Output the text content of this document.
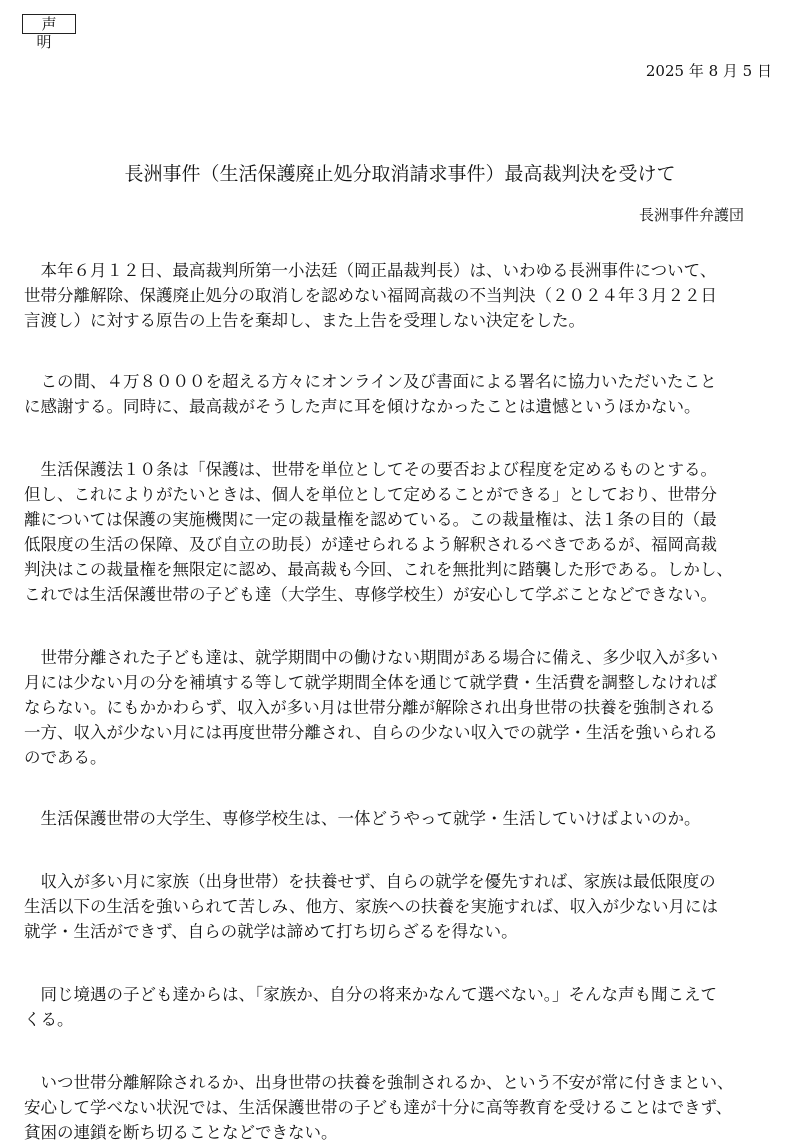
声明
2025 年 8 月 5 日
長洲事件（生活保護廃止処分取消請求事件）最高裁判決を受けて
長洲事件弁護団

　本年６月１２日、最高裁判所第一小法廷（岡正晶裁判長）は、いわゆる長洲事件について、
世帯分離解除、保護廃止処分の取消しを認めない福岡高裁の不当判決（２０２４年３月２２日
言渡し）に対する原告の上告を棄却し、また上告を受理しない決定をした。

　この間、４万８０００を超える方々にオンライン及び書面による署名に協力いただいたこと
に感謝する。同時に、最高裁がそうした声に耳を傾けなかったことは遺憾というほかない。

　生活保護法１０条は「保護は、世帯を単位としてその要否および程度を定めるものとする。
但し、これによりがたいときは、個人を単位として定めることができる」としており、世帯分
離については保護の実施機関に一定の裁量権を認めている。この裁量権は、法１条の目的（最
低限度の生活の保障、及び自立の助長）が達せられるよう解釈されるべきであるが、福岡高裁
判決はこの裁量権を無限定に認め、最高裁も今回、これを無批判に踏襲した形である。しかし、
これでは生活保護世帯の子ども達（大学生、専修学校生）が安心して学ぶことなどできない。

　世帯分離された子ども達は、就学期間中の働けない期間がある場合に備え、多少収入が多い
月には少ない月の分を補填する等して就学期間全体を通じて就学費・生活費を調整しなければ
ならない。にもかかわらず、収入が多い月は世帯分離が解除され出身世帯の扶養を強制される
一方、収入が少ない月には再度世帯分離され、自らの少ない収入での就学・生活を強いられる
のである。

　生活保護世帯の大学生、専修学校生は、一体どうやって就学・生活していけばよいのか。

　収入が多い月に家族（出身世帯）を扶養せず、自らの就学を優先すれば、家族は最低限度の
生活以下の生活を強いられて苦しみ、他方、家族への扶養を実施すれば、収入が少ない月には
就学・生活ができず、自らの就学は諦めて打ち切らざるを得ない。

　同じ境遇の子ども達からは、「家族か、自分の将来かなんて選べない。」そんな声も聞こえて
くる。

　いつ世帯分離解除されるか、出身世帯の扶養を強制されるか、という不安が常に付きまとい、
安心して学べない状況では、生活保護世帯の子ども達が十分に高等教育を受けることはできず、
貧困の連鎖を断ち切ることなどできない。
